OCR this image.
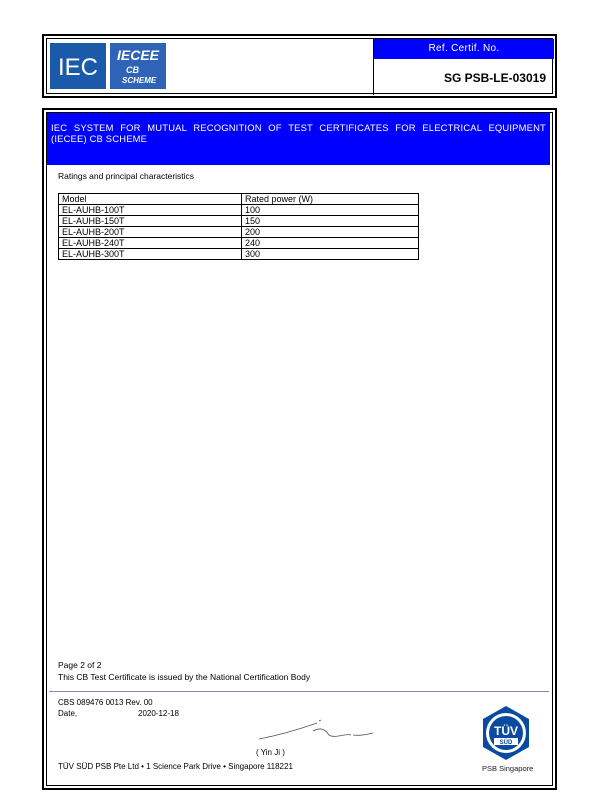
IEC IECEE
CB
SCHEME
Ref. Certif. No.
SG PSB-LE-03019
IEC SYSTEM FOR MUTUAL RECOGNITION OF TEST CERTIFICATES FOR ELECTRICAL EQUIPMENT (IECEE) CB SCHEME
Ratings and principal characteristics
Model	Rated power (W)
EL-AUHB-100T	100
EL-AUHB-150T	150
EL-AUHB-200T	200
EL-AUHB-240T	240
EL-AUHB-300T	300
Page 2 of 2
This CB Test Certificate is issued by the National Certification Body
CBS 089476 0013 Rev. 00
Date,	2020-12-18
( Yin Ji )
TÜV SÜD PSB Pte Ltd • 1 Science Park Drive • Singapore 118221
TÜV
SÜD
PSB Singapore
